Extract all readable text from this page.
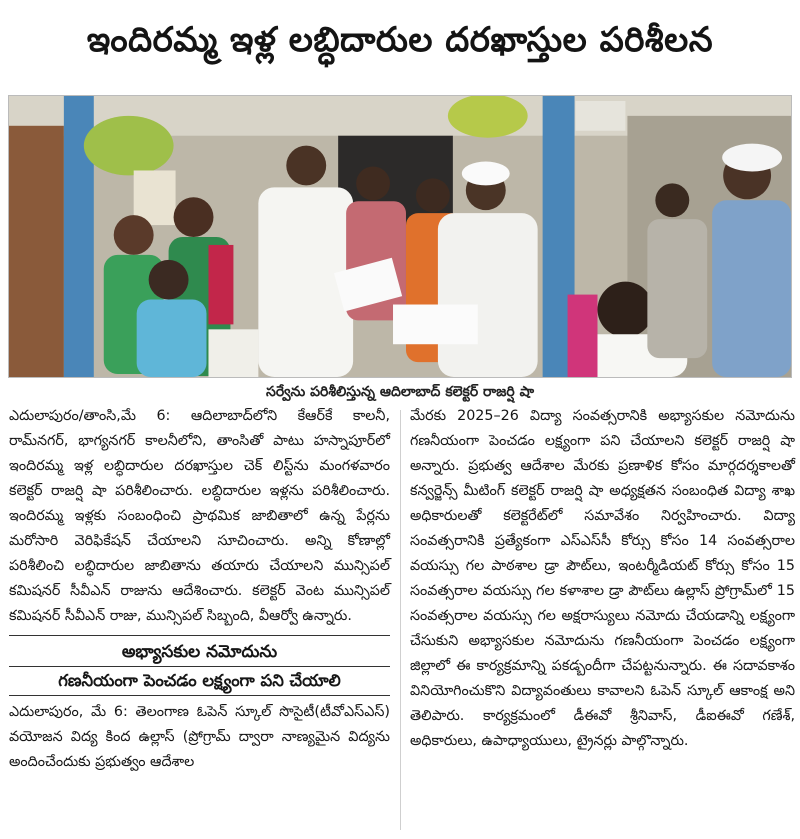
ఇందిరమ్మ ఇళ్ల లబ్ధిదారుల దరఖాస్తుల పరిశీలన
సర్వేను పరిశీలిస్తున్న ఆదిలాబాద్ కలెక్టర్ రాజర్షి షా

ఎదులాపురం/తాంసి,మే 6: ఆదిలాబాద్‌లోని కేఆర్‌కే కాలనీ, రామ్‌నగర్, భాగ్యనగర్ కాలనీలోని, తాంసితో పాటు హస్నాపూర్‌లో ఇందిరమ్మ ఇళ్ల లబ్ధిదారుల దరఖాస్తుల చెక్ లిస్ట్‌ను మంగళవారం కలెక్టర్ రాజర్షి షా పరిశీలించారు. లబ్ధిదారుల ఇళ్లను పరిశీలించారు. ఇందిరమ్మ ఇళ్లకు సంబంధించి ప్రాథమిక జాబితాలో ఉన్న పేర్లను మరోసారి వెరిఫికేషన్ చేయాలని సూచించారు. అన్ని కోణాల్లో పరిశీలించి లబ్ధిదారుల జాబితాను తయారు చేయాలని మున్సిపల్ కమిషనర్ సీవీఎన్ రాజును ఆదేశించారు. కలెక్టర్ వెంట మున్సిపల్ కమిషనర్ సీవీఎన్ రాజు, మున్సిపల్ సిబ్బంది, వీఆర్వో ఉన్నారు.

అభ్యాసకుల నమోదును
గణనీయంగా పెంచడం లక్ష్యంగా పని చేయాలి

ఎదులాపురం, మే 6: తెలంగాణ ఓపెన్ స్కూల్ సొసైటీ(టీవోఎస్‌ఎస్) వయోజన విద్య కింద ఉల్లాస్ (ప్రోగ్రామ్ ద్వారా నాణ్యమైన విద్యను అందించేందుకు ప్రభుత్వం ఆదేశాల

మేరకు 2025–26 విద్యా సంవత్సరానికి అభ్యాసకుల నమోదును గణనీయంగా పెంచడం లక్ష్యంగా పని చేయాలని కలెక్టర్ రాజర్షి షా అన్నారు. ప్రభుత్వ ఆదేశాల మేరకు ప్రణాళిక కోసం మార్గదర్శకాలతో కన్వర్జెన్స్ మీటింగ్ కలెక్టర్ రాజర్షి షా అధ్యక్షతన సంబంధిత విద్యా శాఖ అధికారులతో కలెక్టరేట్‌లో సమావేశం నిర్వహించారు. విద్యా సంవత్సరానికి ప్రత్యేకంగా ఎస్‌ఎస్‌సీ కోర్సు కోసం 14 సంవత్సరాల వయస్సు గల పాఠశాల డ్రా పౌట్‌లు, ఇంటర్మీడియట్ కోర్సు కోసం 15 సంవత్సరాల వయస్సు గల కళాశాల డ్రా పౌట్‌లు ఉల్లాస్ ప్రోగ్రామ్‌లో 15 సంవత్సరాల వయస్సు గల అక్షరాస్యులు నమోదు చేయడాన్ని లక్ష్యంగా చేసుకుని అభ్యాసకుల నమోదును గణనీయంగా పెంచడం లక్ష్యంగా జిల్లాలో ఈ కార్యక్రమాన్ని పకడ్బందీగా చేపట్టనున్నారు. ఈ సదావకాశం వినియోగించుకొని విద్యావంతులు కావాలని ఓపెన్ స్కూల్ ఆకాంక్ష అని తెలిపారు. కార్యక్రమంలో డీఈవో శ్రీనివాస్, డీఐఈవో గణేశ్, అధికారులు, ఉపాధ్యాయులు, ట్రైనర్లు పాల్గొన్నారు.
